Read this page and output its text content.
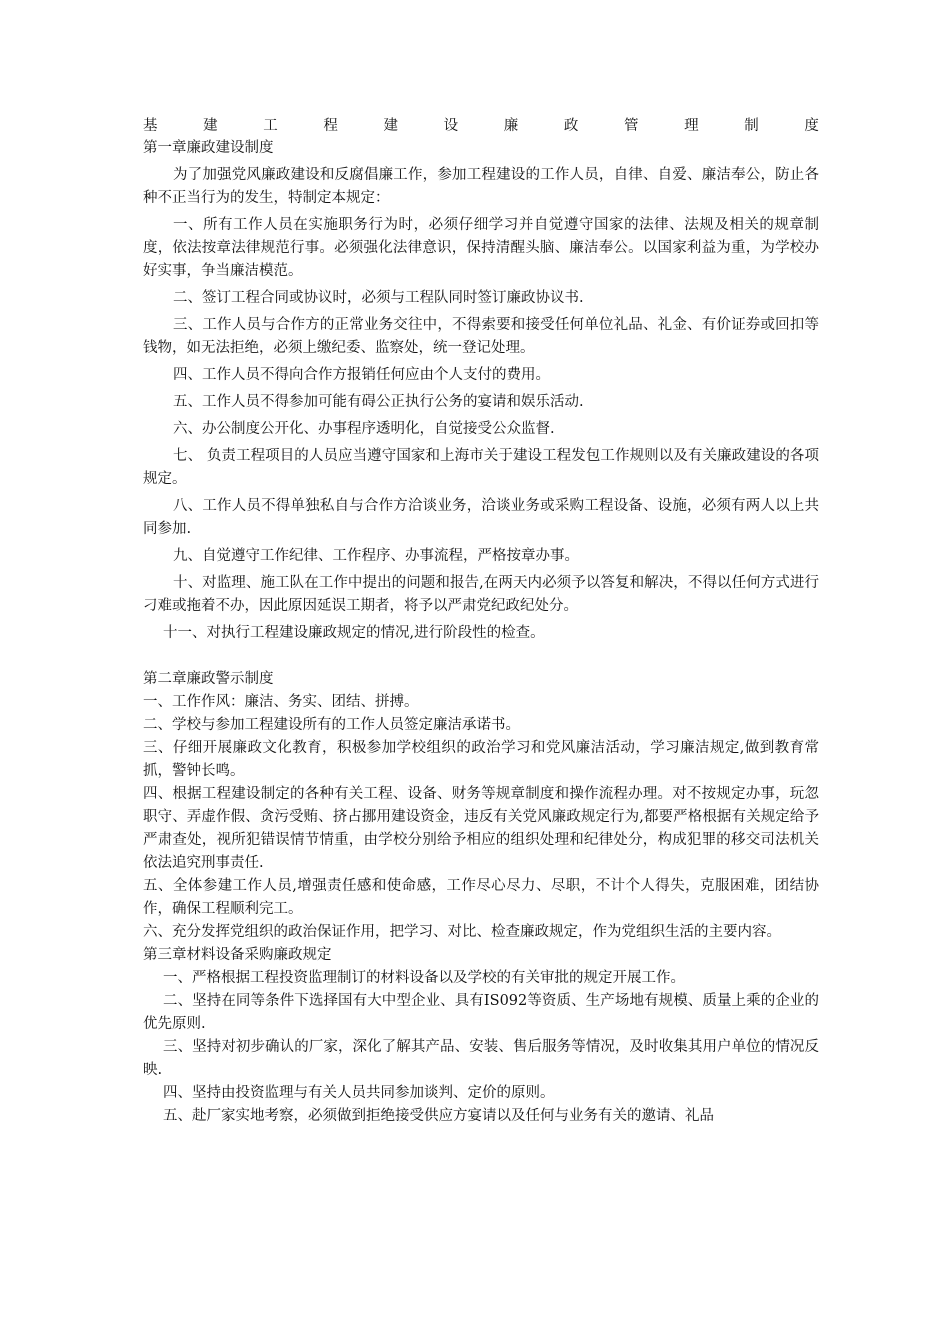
基	建	工	程	建	设	廉	政	管	理	制	度

第一章廉政建设制度

为了加强党风廉政建设和反腐倡廉工作，参加工程建设的工作人员，自律、自爱、廉洁奉公，防止各种不正当行为的发生，特制定本规定：

一、所有工作人员在实施职务行为时，必须仔细学习并自觉遵守国家的法律、法规及相关的规章制度，依法按章法律规范行事。必须强化法律意识，保持清醒头脑、廉洁奉公。以国家利益为重，为学校办好实事，争当廉洁模范。

二、签订工程合同或协议时，必须与工程队同时签订廉政协议书.

三、工作人员与合作方的正常业务交往中，不得索要和接受任何单位礼品、礼金、有价证券或回扣等钱物，如无法拒绝，必须上缴纪委、监察处，统一登记处理。

四、工作人员不得向合作方报销任何应由个人支付的费用。

五、工作人员不得参加可能有碍公正执行公务的宴请和娱乐活动.

六、办公制度公开化、办事程序透明化，自觉接受公众监督.

七、 负责工程项目的人员应当遵守国家和上海市关于建设工程发包工作规则以及有关廉政建设的各项规定。

八、工作人员不得单独私自与合作方洽谈业务，洽谈业务或采购工程设备、设施，必须有两人以上共同参加.

九、自觉遵守工作纪律、工作程序、办事流程，严格按章办事。

十、对监理、施工队在工作中提出的问题和报告,在两天内必须予以答复和解决，不得以任何方式进行刁难或拖着不办，因此原因延误工期者，将予以严肃党纪政纪处分。

十一、对执行工程建设廉政规定的情况,进行阶段性的检查。

第二章廉政警示制度

一、工作作风：廉洁、务实、团结、拼搏。

二、学校与参加工程建设所有的工作人员签定廉洁承诺书。

三、仔细开展廉政文化教育，积极参加学校组织的政治学习和党风廉洁活动，学习廉洁规定,做到教育常抓，警钟长鸣。

四、根据工程建设制定的各种有关工程、设备、财务等规章制度和操作流程办理。对不按规定办事，玩忽职守、弄虚作假、贪污受贿、挤占挪用建设资金，违反有关党风廉政规定行为,都要严格根据有关规定给予严肃查处，视所犯错误情节情重，由学校分别给予相应的组织处理和纪律处分，构成犯罪的移交司法机关依法追究刑事责任.

五、全体参建工作人员,增强责任感和使命感，工作尽心尽力、尽职，不计个人得失，克服困难，团结协作，确保工程顺利完工。

六、充分发挥党组织的政治保证作用，把学习、对比、检查廉政规定，作为党组织生活的主要内容。

第三章材料设备采购廉政规定

一、严格根据工程投资监理制订的材料设备以及学校的有关审批的规定开展工作。

二、坚持在同等条件下选择国有大中型企业、具有IS092等资质、生产场地有规模、质量上乘的企业的优先原则.

三、坚持对初步确认的厂家，深化了解其产品、安装、售后服务等情况，及时收集其用户单位的情况反映.

四、坚持由投资监理与有关人员共同参加谈判、定价的原则。

五、赴厂家实地考察，必须做到拒绝接受供应方宴请以及任何与业务有关的邀请、礼品
